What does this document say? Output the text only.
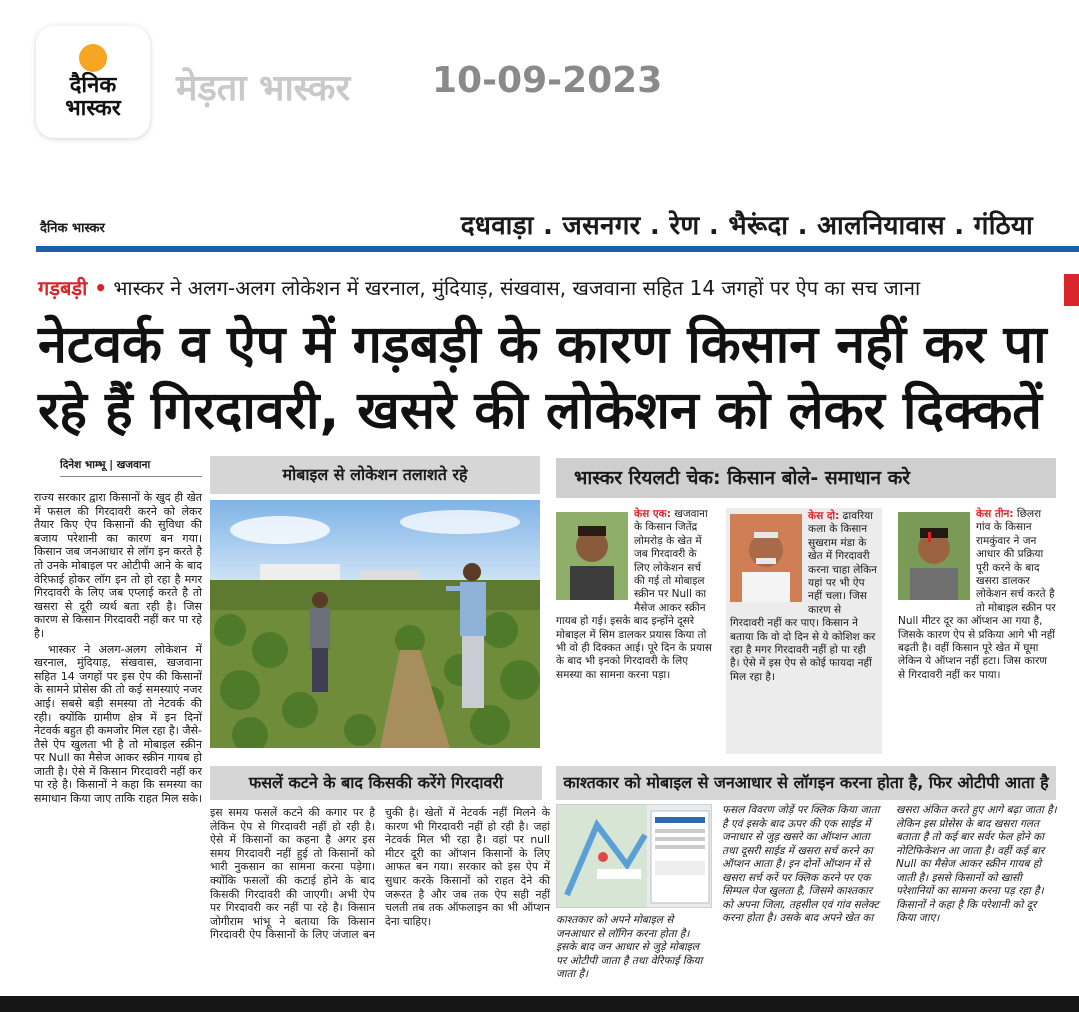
दैनिक
भास्कर मेड़ता भास्कर 10-09-2023
दैनिक भास्कर	दधवाड़ा . जसनगर . रेण . भैरूंदा . आलनियावास . गंठिया
गड़बड़ी • भास्कर ने अलग-अलग लोकेशन में खरनाल, मुंदियाड़, संखवास, खजवाना सहित 14 जगहों पर ऐप का सच जाना
नेटवर्क व ऐप में गड़बड़ी के कारण किसान नहीं कर पा रहे हैं गिरदावरी, खसरे की लोकेशन को लेकर दिक्कतें
दिनेश भाम्भू | खजवाना

राज्य सरकार द्वारा किसानों के खुद ही खेत में फसल की गिरदावरी करने को लेकर तैयार किए ऐप किसानों की सुविधा की बजाय परेशानी का कारण बन गया। किसान जब जनआधार से लॉग इन करते है तो उनके मोबाइल पर ओटीपी आने के बाद वेरिफाई होकर लॉग इन तो हो रहा है मगर गिरदावरी के लिए जब एप्लाई करते है तो खसरा से दूरी व्यर्थ बता रही है। जिस कारण से किसान गिरदावरी नहीं कर पा रहे है।

भास्कर ने अलग-अलग लोकेशन में खरनाल, मुंदियाड़, संखवास, खजवाना सहित 14 जगहों पर इस ऐप की किसानों के सामने प्रोसेस की तो कई समस्याएं नजर आई। सबसे बड़ी समस्या तो नेटवर्क की रही। क्योंकि ग्रामीण क्षेत्र में इन दिनों नेटवर्क बहुत ही कमजोर मिल रहा है। जैसे-तैसे ऐप खुलता भी है तो मोबाइल स्क्रीन पर Null का मैसेज आकर स्क्रीन गायब हो जाती है। ऐसे में किसान गिरदावरी नहीं कर पा रहे है। किसानों ने कहा कि समस्या का समाधान किया जाए ताकि राहत मिल सके।

मोबाइल से लोकेशन तलाशते रहे	भास्कर रियलटी चेक: किसान बोले- समाधान करे
केस एक: खजवाना के किसान जितेंद्र लोमरोड़ के खेत में जब गिरदावरी के लिए लोकेशन सर्च की गई तो मोबाइल स्क्रीन पर Null का मैसेज आकर स्क्रीन गायब हो गई। इसके बाद इन्होंने दूसरे मोबाइल में सिम डालकर प्रयास किया तो भी वो ही दिक्कत आई। पूरे दिन के प्रयास के बाद भी इनको गिरदावरी के लिए समस्या का सामना करना पड़ा।
केस दो: ढावरिया कला के किसान सुखराम मंडा के खेत में गिरदावरी करना चाहा लेकिन यहां पर भी ऐप नहीं चला। जिस कारण से गिरदावरी नहीं कर पाए। किसान ने बताया कि वो दो दिन से ये कोशिश कर रहा है मगर गिरदावरी नहीं हो पा रही है। ऐसे में इस ऐप से कोई फायदा नहीं मिल रहा है।
केस तीन: छिलरा गांव के किसान रामकुंवार ने जन आधार की प्रक्रिया पूरी करने के बाद खसरा डालकर लोकेशन सर्च करते है तो मोबाइल स्क्रीन पर Null मीटर दूर का ऑप्शन आ गया है, जिसके कारण ऐप से प्रकिया आगे भी नहीं बढ़ती है। वहीं किसान पूरे खेत में घूमा लेकिन ये ऑप्शन नहीं हटा। जिस कारण से गिरदावरी नहीं कर पाया।
फसलें कटने के बाद किसकी करेंगे गिरदावरी
इस समय फसलें कटने की कगार पर है लेकिन ऐप से गिरदावरी नहीं हो रही है। ऐसे में किसानों का कहना है अगर इस समय गिरदावरी नहीं हुई तो किसानों को भारी नुकसान का सामना करना पड़ेगा। क्योंकि फसलों की कटाई होने के बाद किसकी गिरदावरी की जाएगी। अभी ऐप पर गिरदावरी कर नहीं पा रहे है। किसान जोगीराम भांभू ने बताया कि किसान गिरदावरी ऐप किसानों के लिए जंजाल बन चुकी है। खेतों में नेटवर्क नहीं मिलने के कारण भी गिरदावरी नहीं हो रही है। जहां नेटवर्क मिल भी रहा है। वहां पर null मीटर दूरी का ऑप्शन किसानों के लिए आफत बन गया। सरकार को इस ऐप में सुधार करके किसानों को राहत देने की जरूरत है और जब तक ऐप सही नहीं चलती तब तक ऑफलाइन का भी ऑप्शन देना चाहिए।
काश्तकार को मोबाइल से जनआधार से लॉगइन करना होता है, फिर ओटीपी आता है
काश्तकार को अपने मोबाइल से जनआधार से लॉगिन करना होता है। इसके बाद जन आधार से जुड़े मोबाइल पर ओटीपी जाता है तथा वेरिफाई किया जाता है।
फसल विवरण जोड़ें पर क्लिक किया जाता है एवं इसके बाद ऊपर की एक साईड में जनाधार से जुड़ खसरे का ऑप्शन आता तथा दूसरी साईड में खसरा सर्च करने का ऑप्शन आता है। इन दोनों ऑप्शन में से खसरा सर्च करें पर क्लिक करने पर एक सिम्पल पेज खुलता है, जिसमे काश्तकार को अपना जिला, तहसील एवं गांव सलेक्ट करना होता है। उसके बाद अपने खेत का खसरा अंकित करते हुए आगे बढ़ा जाता है। लेकिन इस प्रोसेस के बाद खसरा गलत बताता है तो कई बार सर्वर फेल होने का नोटिफिकेशन आ जाता है। वहीं कई बार Null का मैसेज आकर स्क्रीन गायब हो जाती है। इससे किसानों को खासी परेशानियों का सामना करना पड़ रहा है। किसानों ने कहा है कि परेशानी को दूर किया जाए।
